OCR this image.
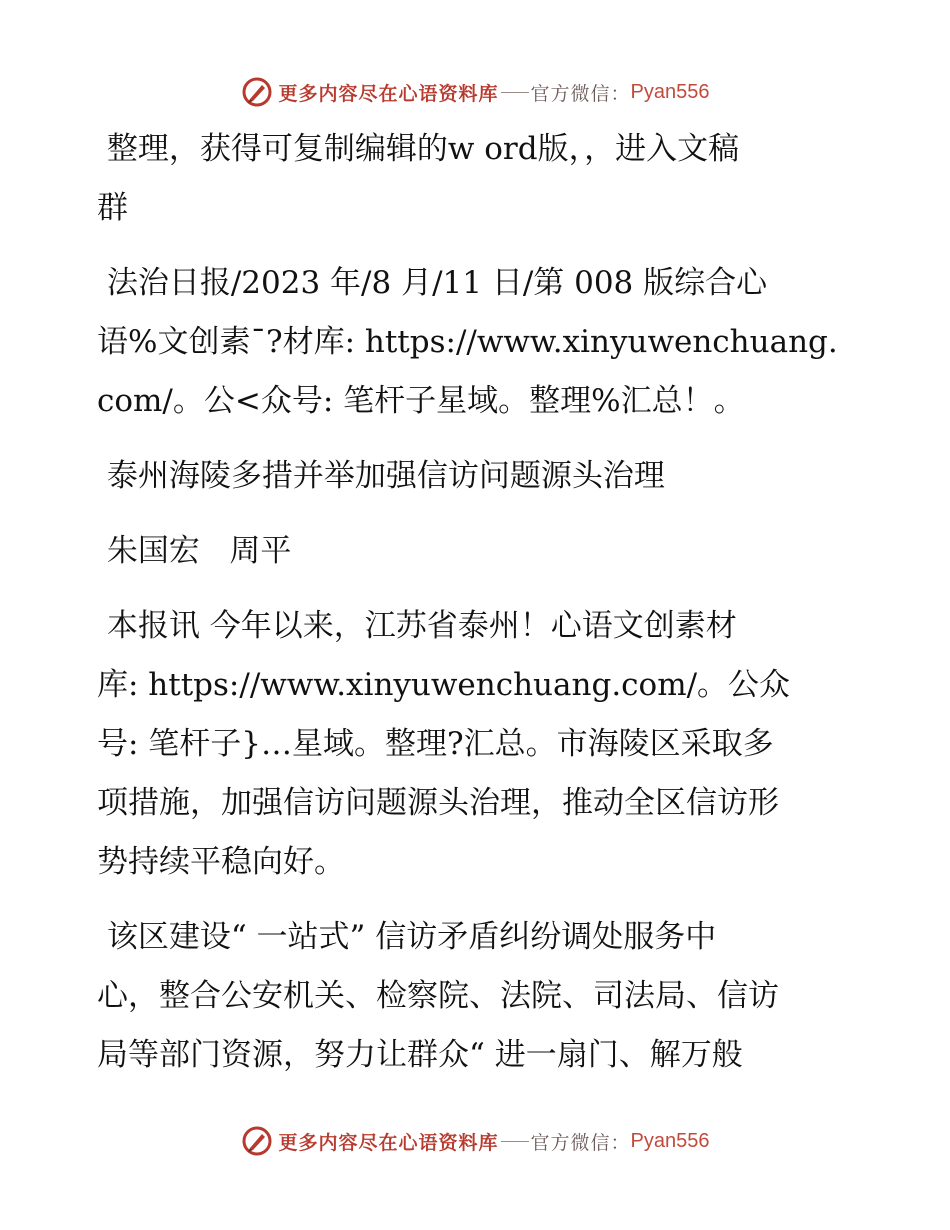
更多内容尽在心语资料库 官方微信： Pyan556

整理，获得可复制编辑的w ord版，，进入文稿
群

法治日报/2023 年/8 月/11 日/第 008 版综合心
语%文创素¯?材库: https://www.xinyuwenchuang.
com/。公<众号: 笔杆子星域。整理%汇总！。

泰州海陵多措并举加强信访问题源头治理

朱国宏   周平

本报讯 今年以来，江苏省泰州！心语文创素材
库: https://www.xinyuwenchuang.com/。公众
号: 笔杆子}…星域。整理?汇总。市海陵区采取多
项措施，加强信访问题源头治理，推动全区信访形
势持续平稳向好。

该区建设“ 一站式” 信访矛盾纠纷调处服务中
心，整合公安机关、检察院、法院、司法局、信访
局等部门资源，努力让群众“ 进一扇门、解万般

更多内容尽在心语资料库 官方微信： Pyan556
